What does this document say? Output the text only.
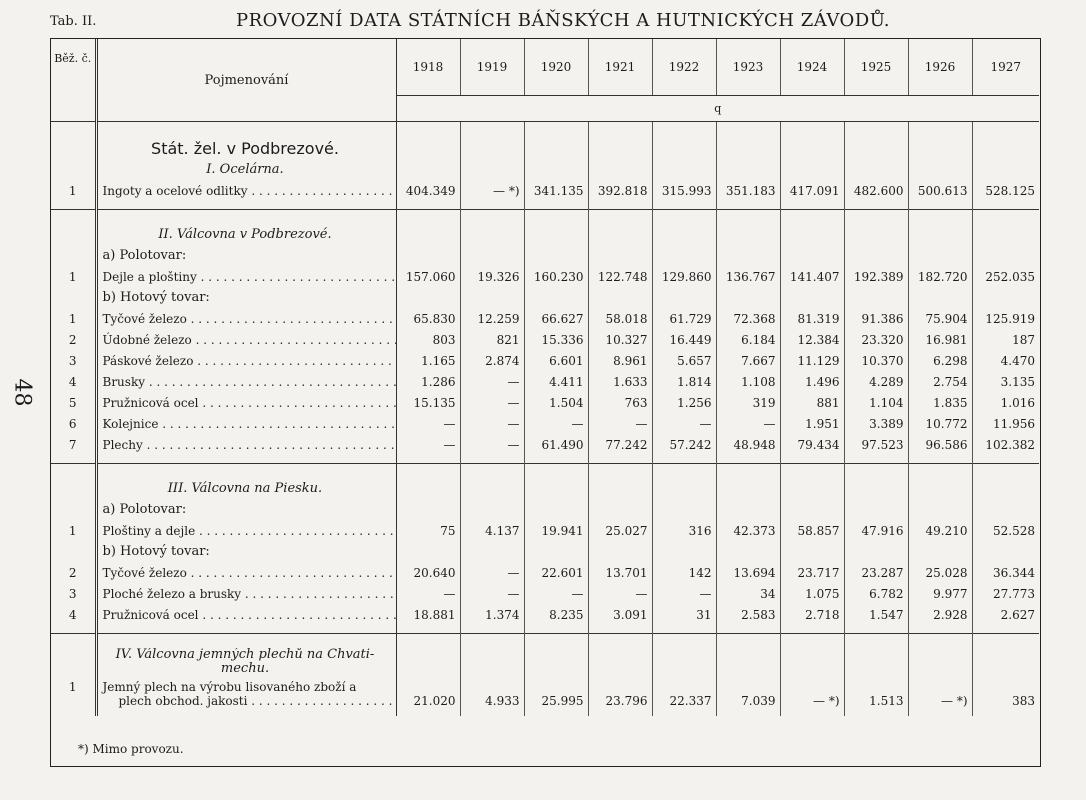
Tab. II.	PROVOZNÍ DATA STÁTNÍCH BÁŇSKÝCH A HUTNICKÝCH ZÁVODŮ.
48
Běž. č.	Pojmenování	1918	1919	1920	1921	1922	1923	1924	1925	1926	1927
		q									

	Stát. žel. v Podbrezové.										
	I. Ocelárna.										
1	Ingoty a ocelové odlitky . . .	404.349	— *)	341.135	392.818	315.993	351.183	417.091	482.600	500.613	528.125

	II. Válcovna v Podbrezové.										
	a) Polotovar:										
1	Dejle a ploštiny . . .	157.060	19.326	160.230	122.748	129.860	136.767	141.407	192.389	182.720	252.035
	b) Hotový tovar:										
1	Tyčové železo . . .	65.830	12.259	66.627	58.018	61.729	72.368	81.319	91.386	75.904	125.919
2	Údobné železo . . .	803	821	15.336	10.327	16.449	6.184	12.384	23.320	16.981	187
3	Páskové železo . . .	1.165	2.874	6.601	8.961	5.657	7.667	11.129	10.370	6.298	4.470
4	Brusky . . .	1.286	—	4.411	1.633	1.814	1.108	1.496	4.289	2.754	3.135
5	Pružnicová ocel . . .	15.135	—	1.504	763	1.256	319	881	1.104	1.835	1.016
6	Kolejnice . . .	—	—	—	—	—	—	1.951	3.389	10.772	11.956
7	Plechy . . .	—	—	61.490	77.242	57.242	48.948	79.434	97.523	96.586	102.382

	III. Válcovna na Piesku.										
	a) Polotovar:										
1	Ploštiny a dejle . . .	75	4.137	19.941	25.027	316	42.373	58.857	47.916	49.210	52.528
	b) Hotový tovar:										
2	Tyčové železo . . .	20.640	—	22.601	13.701	142	13.694	23.717	23.287	25.028	36.344
3	Ploché železo a brusky . . .	—	—	—	—	—	34	1.075	6.782	9.977	27.773
4	Pružnicová ocel . . .	18.881	1.374	8.235	3.091	31	2.583	2.718	1.547	2.928	2.627

	IV. Válcovna jemných plechů na Chvati-
mechu.										
1	Jemný plech na výrobu lisovaného zboží a
plech obchod. jakosti . . .	21.020	4.933	25.995	23.796	22.337	7.039	— *)	1.513	— *)	383

*) Mimo provozu.
